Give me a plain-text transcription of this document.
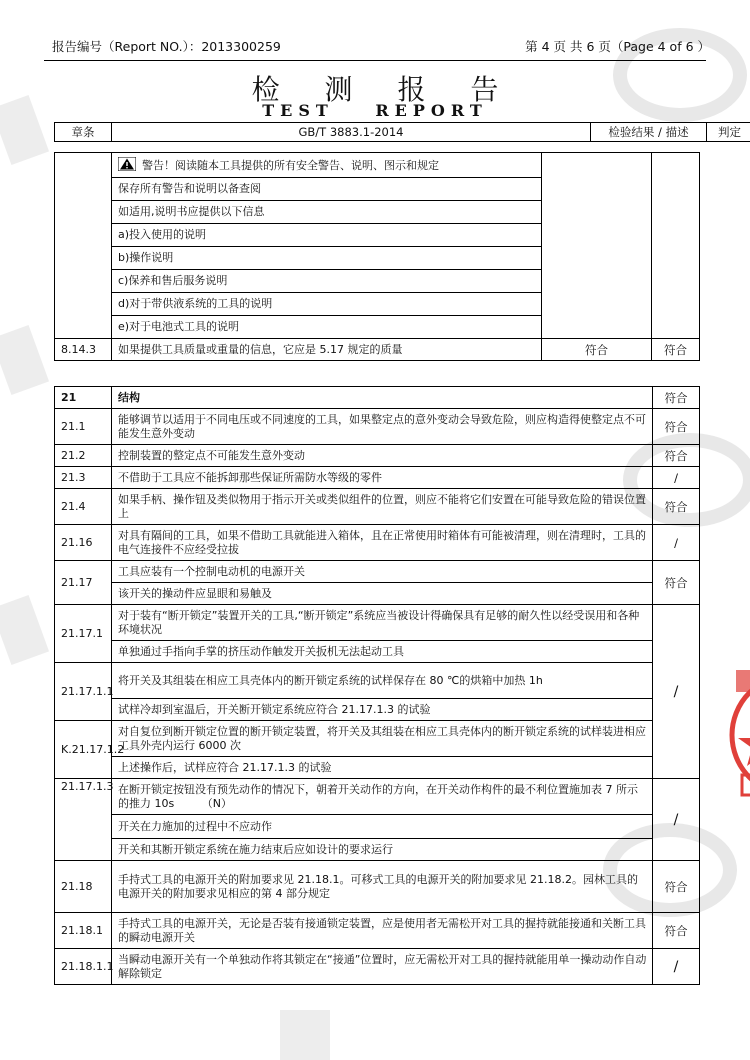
报告编号（Report NO.）：2013300259	第 4 页 共 6 页（Page 4 of 6 ）
检 测 报 告
TEST REPORT
章条	GB/T 3883.1-2014	检验结果 / 描述	判定
	警告！阅读随本工具提供的所有安全警告、说明、图示和规定		
	保存所有警告和说明以备查阅		
	如适用,说明书应提供以下信息		
	a)投入使用的说明		
	b)操作说明		
	c)保养和售后服务说明		
	d)对于带供液系统的工具的说明		
	e)对于电池式工具的说明		
8.14.3	如果提供工具质量或重量的信息，它应是 5.17 规定的质量	符合	符合
21	结构	符合
21.1	能够调节以适用于不同电压或不同速度的工具，如果整定点的意外变动会导致危险，则应构造得使整定点不可能发生意外变动	符合
21.2	控制装置的整定点不可能发生意外变动	符合
21.3	不借助于工具应不能拆卸那些保证所需防水等级的零件	/
21.4	如果手柄、操作钮及类似物用于指示开关或类似组件的位置，则应不能将它们安置在可能导致危险的错误位置上	符合
21.16	对具有隔间的工具，如果不借助工具就能进入箱体，且在正常使用时箱体有可能被清理，则在清理时，工具的电气连接件不应经受拉拔	/
21.17	工具应装有一个控制电动机的电源开关	符合
	该开关的操动件应显眼和易触及	
21.17.1	对于装有“断开锁定”装置开关的工具,“断开锁定”系统应当被设计得确保具有足够的耐久性以经受误用和各种环境状况	/
	单独通过手指向手掌的挤压动作触发开关扳机无法起动工具	
21.17.1.1	将开关及其组装在相应工具壳体内的断开锁定系统的试样保存在 80 ℃的烘箱中加热 1h	
	试样冷却到室温后，开关断开锁定系统应符合 21.17.1.3 的试验	
K.21.17.1.2	对自复位到断开锁定位置的断开锁定装置，将开关及其组装在相应工具壳体内的断开锁定系统的试样装进相应工具外壳内运行 6000 次	
	上述操作后，试样应符合 21.17.1.3 的试验	
21.17.1.3	在断开锁定按钮没有预先动作的情况下，朝着开关动作的方向，在开关动作构件的最不利位置施加表 7 所示的推力 10s　　　（N）	/
	开关在力施加的过程中不应动作	
	开关和其断开锁定系统在施力结束后应如设计的要求运行	
21.18	手持式工具的电源开关的附加要求见 21.18.1。可移式工具的电源开关的附加要求见 21.18.2。园林工具的电源开关的附加要求见相应的第 4 部分规定	符合
21.18.1	手持式工具的电源开关，无论是否装有接通锁定装置，应是使用者无需松开对工具的握持就能接通和关断工具的瞬动电源开关	符合
21.18.1.1	当瞬动电源开关有一个单独动作将其锁定在“接通”位置时，应无需松开对工具的握持就能用单一操动动作自动解除锁定	/
